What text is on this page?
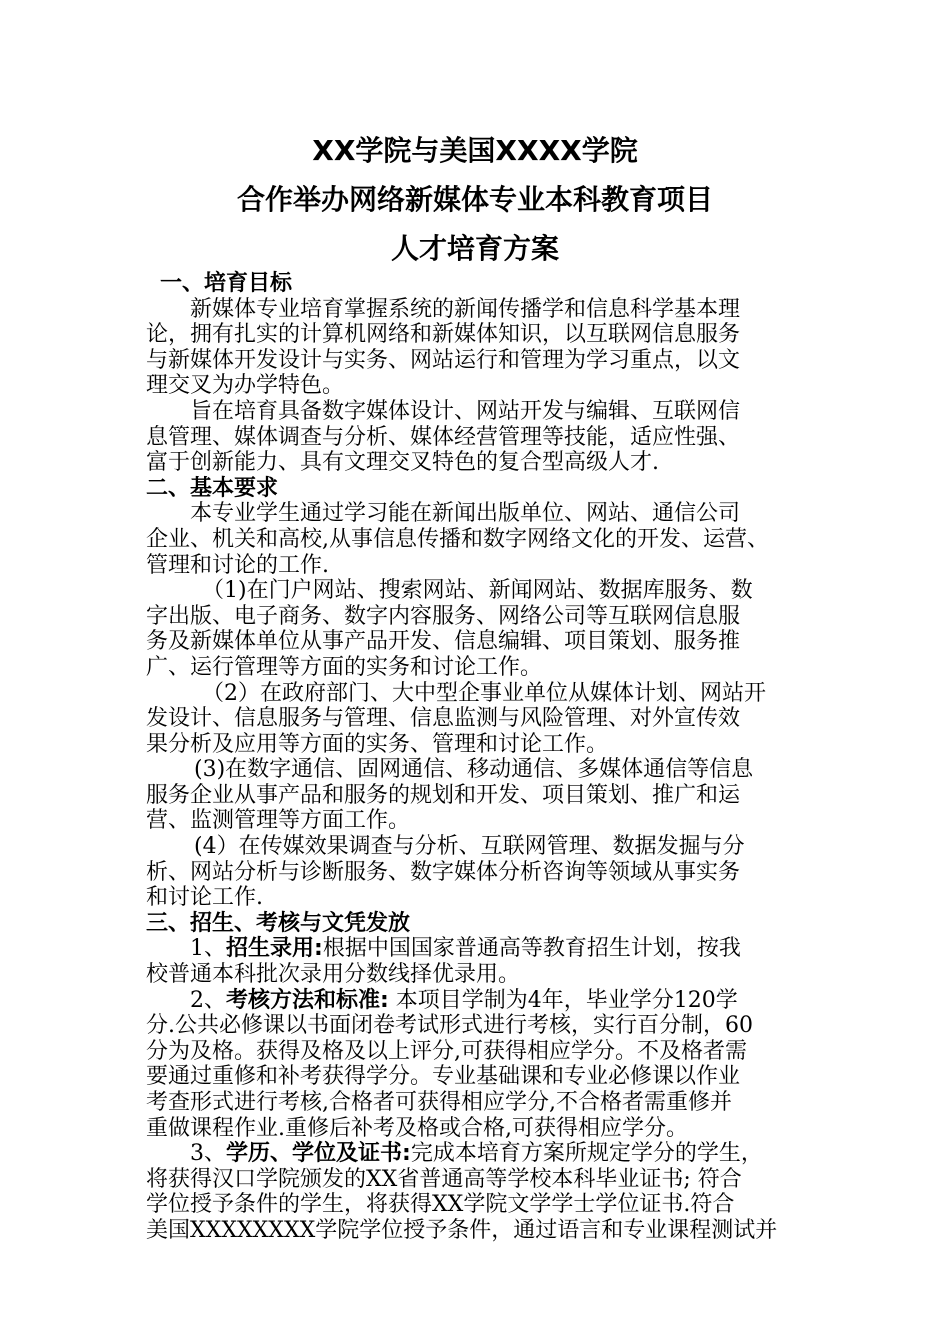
XX学院与美国XXXX学院
合作举办网络新媒体专业本科教育项目
人才培育方案
一、培育目标
新媒体专业培育掌握系统的新闻传播学和信息科学基本理
论，拥有扎实的计算机网络和新媒体知识，以互联网信息服务
与新媒体开发设计与实务、网站运行和管理为学习重点，以文
理交叉为办学特色。
旨在培育具备数字媒体设计、网站开发与编辑、互联网信
息管理、媒体调查与分析、媒体经营管理等技能，适应性强、
富于创新能力、具有文理交叉特色的复合型高级人才.
二、基本要求
本专业学生通过学习能在新闻出版单位、网站、通信公司
企业、机关和高校,从事信息传播和数字网络文化的开发、运营、
管理和讨论的工作.
（1)在门户网站、搜索网站、新闻网站、数据库服务、数
字出版、电子商务、数字内容服务、网络公司等互联网信息服
务及新媒体单位从事产品开发、信息编辑、项目策划、服务推
广、运行管理等方面的实务和讨论工作。
（2）在政府部门、大中型企事业单位从媒体计划、网站开
发设计、信息服务与管理、信息监测与风险管理、对外宣传效
果分析及应用等方面的实务、管理和讨论工作。
(3)在数字通信、固网通信、移动通信、多媒体通信等信息
服务企业从事产品和服务的规划和开发、项目策划、推广和运
营、监测管理等方面工作。
(4）在传媒效果调查与分析、互联网管理、数据发掘与分
析、网站分析与诊断服务、数字媒体分析咨询等领域从事实务
和讨论工作.
三、招生、考核与文凭发放
1、招生录用:根据中国国家普通高等教育招生计划，按我
校普通本科批次录用分数线择优录用。
2、考核方法和标准: 本项目学制为4年，毕业学分120学
分.公共必修课以书面闭卷考试形式进行考核，实行百分制，60
分为及格。获得及格及以上评分,可获得相应学分。不及格者需
要通过重修和补考获得学分。专业基础课和专业必修课以作业
考查形式进行考核,合格者可获得相应学分,不合格者需重修并
重做课程作业.重修后补考及格或合格,可获得相应学分。
3、学历、学位及证书:完成本培育方案所规定学分的学生，
将获得汉口学院颁发的XX省普通高等学校本科毕业证书; 符合
学位授予条件的学生，将获得XX学院文学学士学位证书.符合
美国XXXXXXXX学院学位授予条件，通过语言和专业课程测试并
